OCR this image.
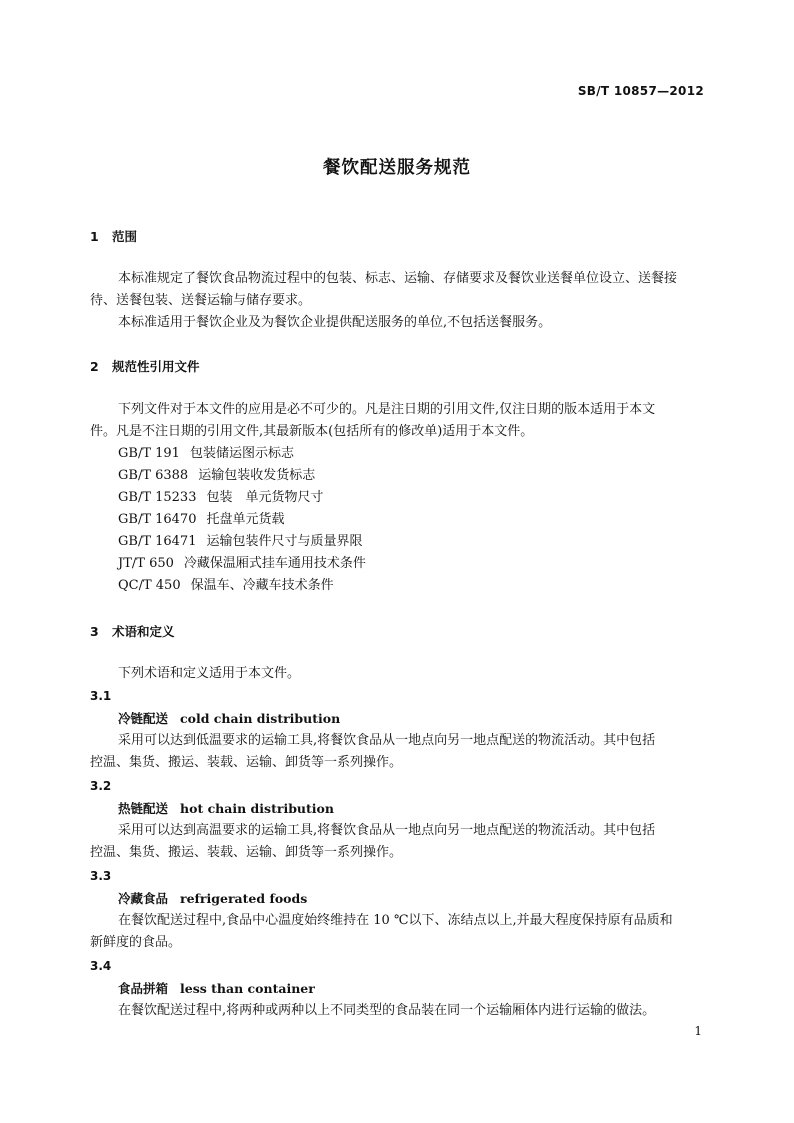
SB/T 10857—2012
餐饮配送服务规范
1 范围
本标准规定了餐饮食品物流过程中的包装、标志、运输、存储要求及餐饮业送餐单位设立、送餐接
待、送餐包装、送餐运输与储存要求。
本标准适用于餐饮企业及为餐饮企业提供配送服务的单位,不包括送餐服务。
2 规范性引用文件
下列文件对于本文件的应用是必不可少的。凡是注日期的引用文件,仅注日期的版本适用于本文
件。凡是不注日期的引用文件,其最新版本(包括所有的修改单)适用于本文件。
GB/T 191 包装储运图示标志
GB/T 6388 运输包装收发货标志
GB/T 15233 包装　单元货物尺寸
GB/T 16470 托盘单元货载
GB/T 16471 运输包装件尺寸与质量界限
JT/T 650 冷藏保温厢式挂车通用技术条件
QC/T 450 保温车、冷藏车技术条件
3 术语和定义
下列术语和定义适用于本文件。
3.1
冷链配送 cold chain distribution
采用可以达到低温要求的运输工具,将餐饮食品从一地点向另一地点配送的物流活动。其中包括
控温、集货、搬运、装载、运输、卸货等一系列操作。
3.2
热链配送 hot chain distribution
采用可以达到高温要求的运输工具,将餐饮食品从一地点向另一地点配送的物流活动。其中包括
控温、集货、搬运、装载、运输、卸货等一系列操作。
3.3
冷藏食品 refrigerated foods
在餐饮配送过程中,食品中心温度始终维持在 10 ℃以下、冻结点以上,并最大程度保持原有品质和
新鲜度的食品。
3.4
食品拼箱 less than container
在餐饮配送过程中,将两种或两种以上不同类型的食品装在同一个运输厢体内进行运输的做法。
1
